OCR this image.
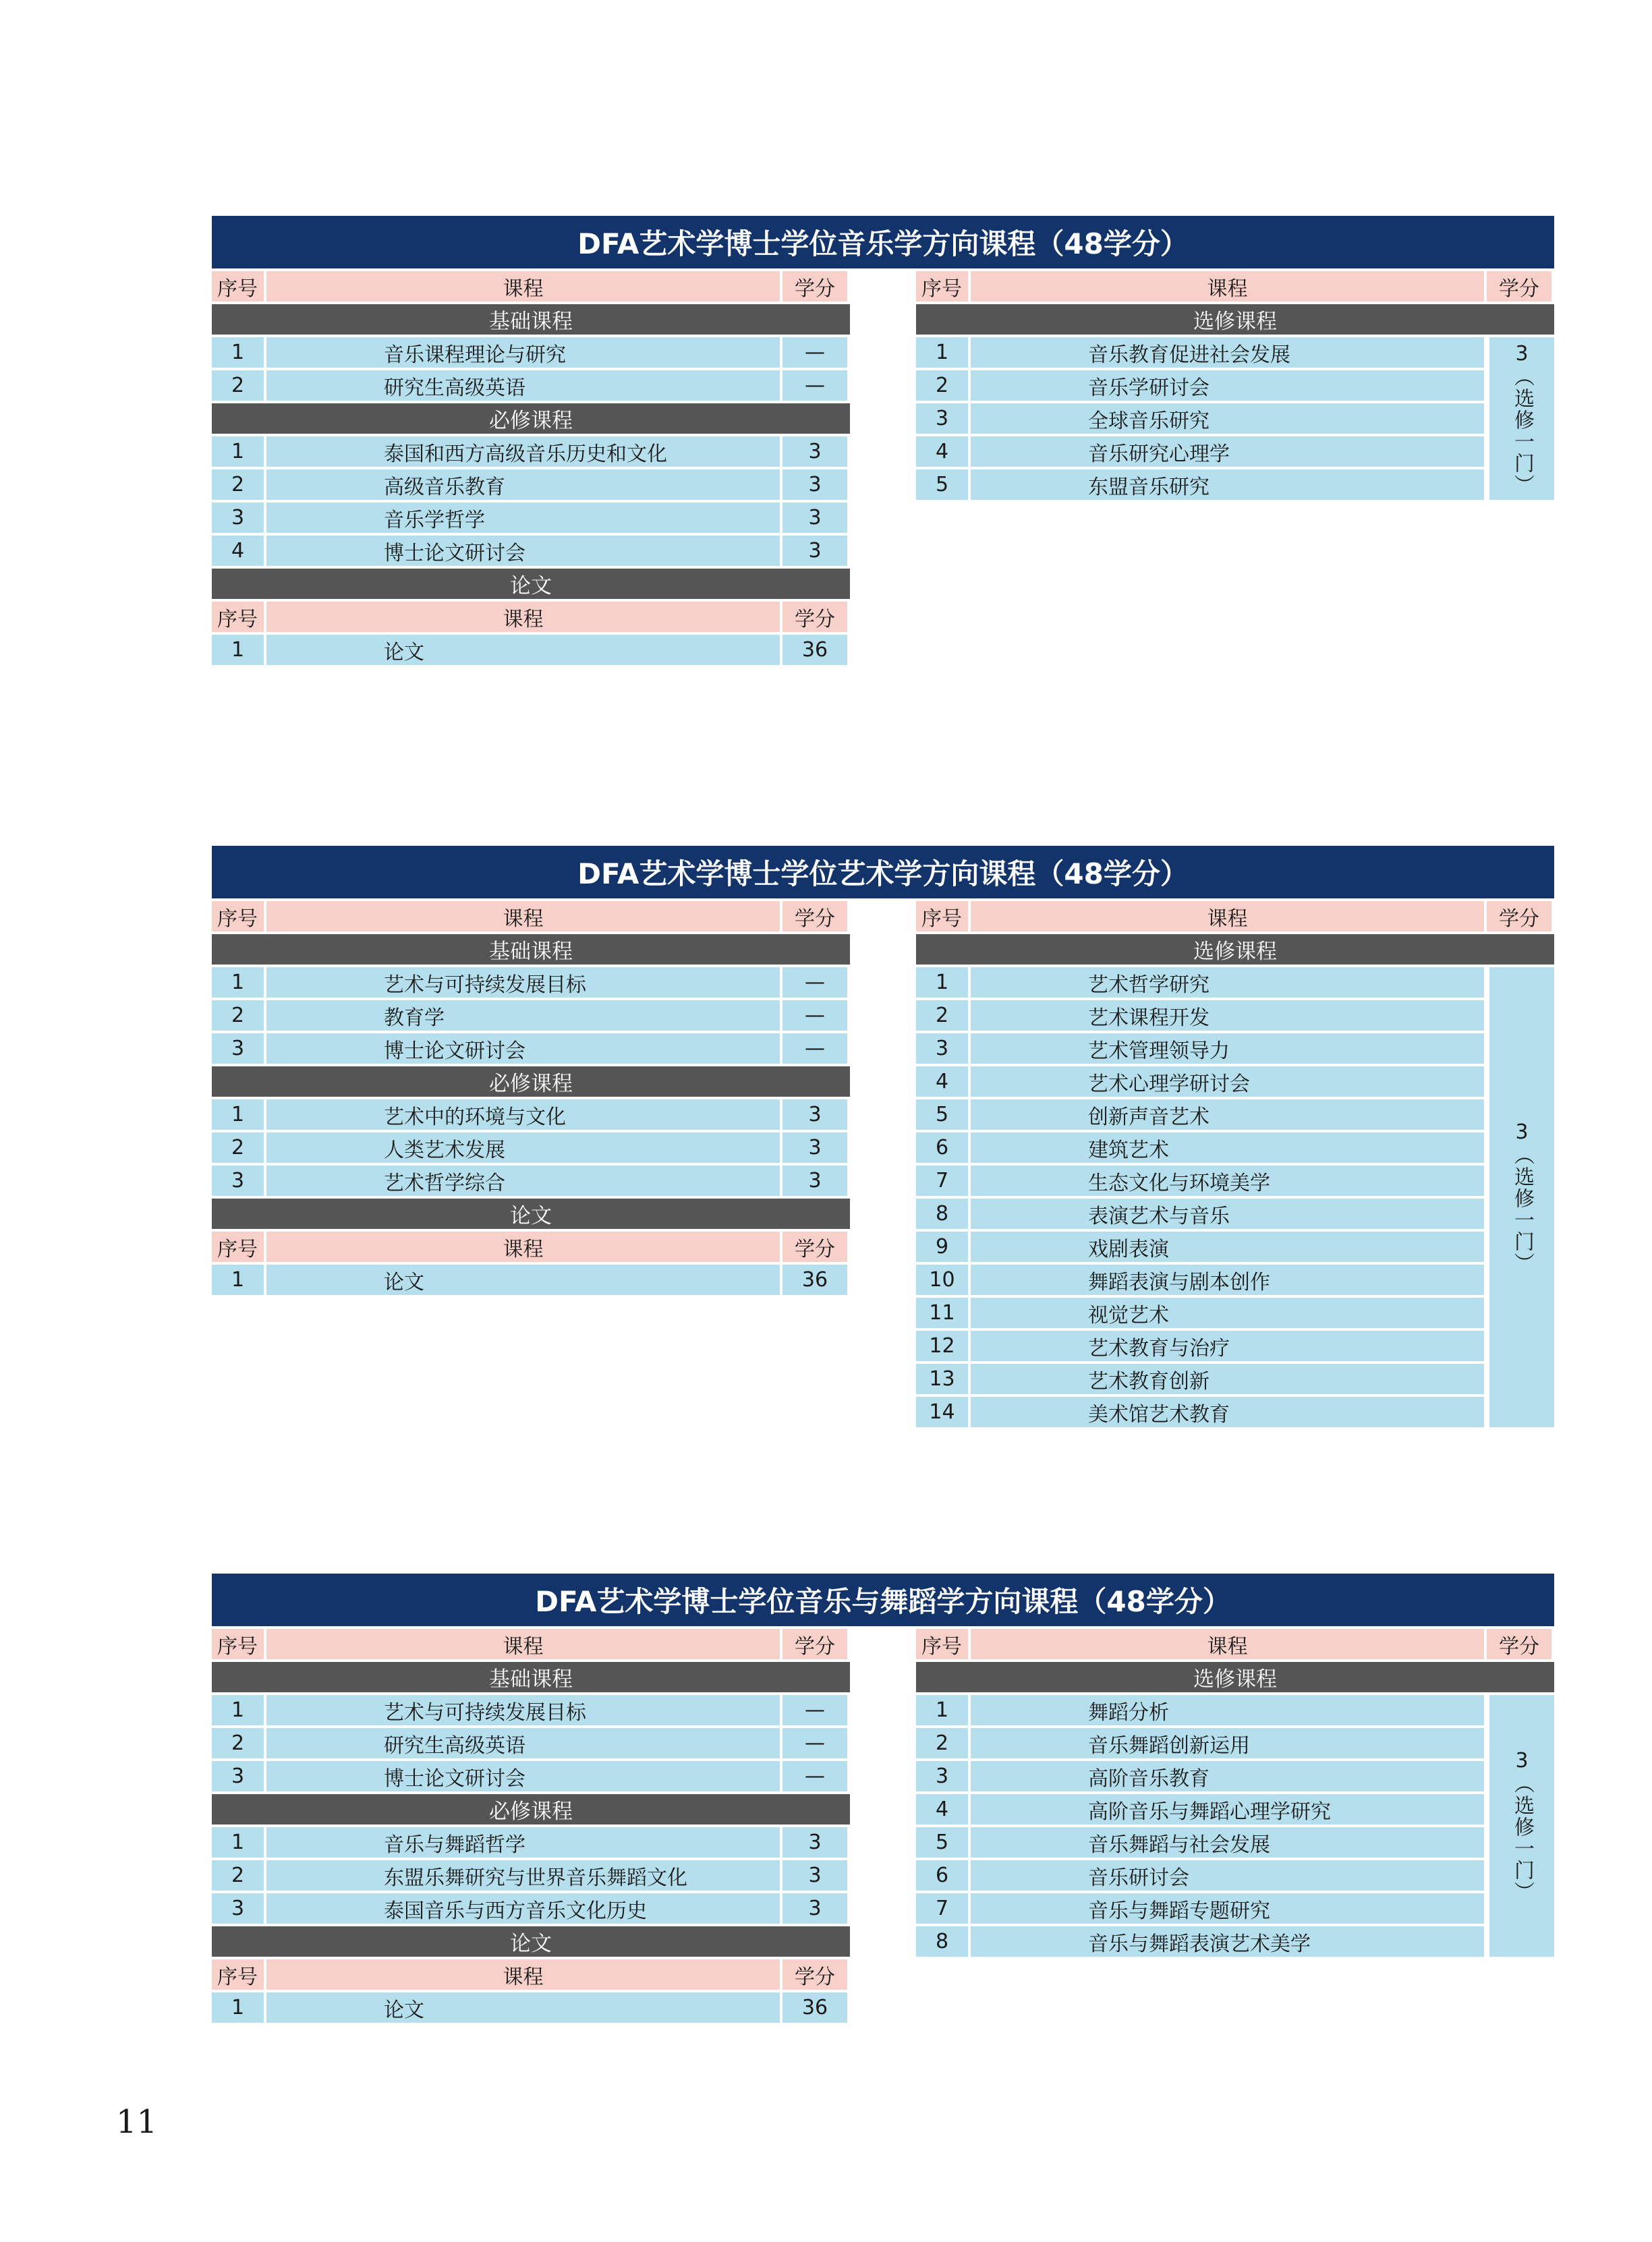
DFA艺术学博士学位音乐学方向课程（48学分）
序号	课程	学分
基础课程
1	音乐课程理论与研究	—
2	研究生高级英语	—
必修课程
1	泰国和西方高级音乐历史和文化	3
2	高级音乐教育	3
3	音乐学哲学	3
4	博士论文研讨会	3
论文
序号	课程	学分
1	论文	36
序号	课程	学分
选修课程
1	音乐教育促进社会发展
2	音乐学研讨会
3	全球音乐研究
4	音乐研究心理学
5	东盟音乐研究
3
（选修一门）
DFA艺术学博士学位艺术学方向课程（48学分）
序号	课程	学分
基础课程
1	艺术与可持续发展目标	—
2	教育学	—
3	博士论文研讨会	—
必修课程
1	艺术中的环境与文化	3
2	人类艺术发展	3
3	艺术哲学综合	3
论文
序号	课程	学分
1	论文	36
序号	课程	学分
选修课程
1	艺术哲学研究
2	艺术课程开发
3	艺术管理领导力
4	艺术心理学研讨会
5	创新声音艺术
6	建筑艺术
7	生态文化与环境美学
8	表演艺术与音乐
9	戏剧表演
10	舞蹈表演与剧本创作
11	视觉艺术
12	艺术教育与治疗
13	艺术教育创新
14	美术馆艺术教育
3
（选修一门）
DFA艺术学博士学位音乐与舞蹈学方向课程（48学分）
序号	课程	学分
基础课程
1	艺术与可持续发展目标	—
2	研究生高级英语	—
3	博士论文研讨会	—
必修课程
1	音乐与舞蹈哲学	3
2	东盟乐舞研究与世界音乐舞蹈文化	3
3	泰国音乐与西方音乐文化历史	3
论文
序号	课程	学分
1	论文	36
序号	课程	学分
选修课程
1	舞蹈分析
2	音乐舞蹈创新运用
3	高阶音乐教育
4	高阶音乐与舞蹈心理学研究
5	音乐舞蹈与社会发展
6	音乐研讨会
7	音乐与舞蹈专题研究
8	音乐与舞蹈表演艺术美学
3
（选修一门）
11
